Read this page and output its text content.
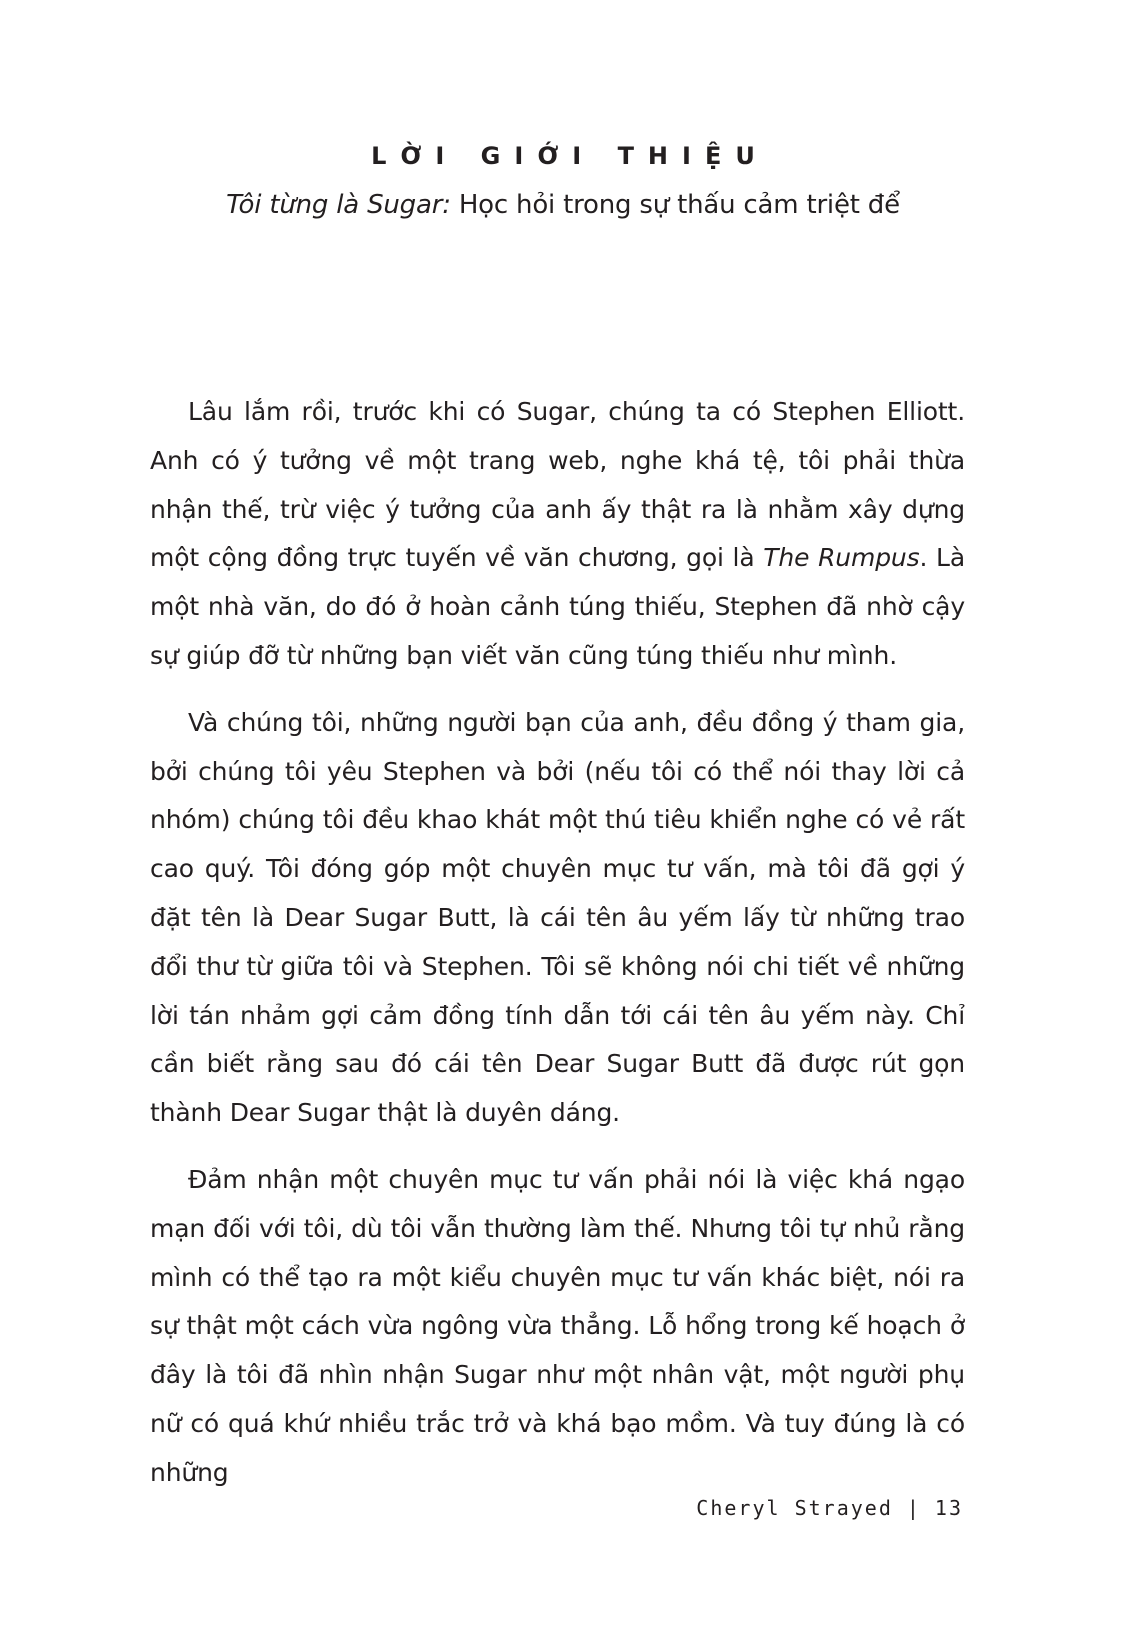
LỜI GIỚI THIỆU
Tôi từng là Sugar: Học hỏi trong sự thấu cảm triệt để

Lâu lắm rồi, trước khi có Sugar, chúng ta có Stephen Elliott. Anh có ý tưởng về một trang web, nghe khá tệ, tôi phải thừa nhận thế, trừ việc ý tưởng của anh ấy thật ra là nhằm xây dựng một cộng đồng trực tuyến về văn chương, gọi là The Rumpus. Là một nhà văn, do đó ở hoàn cảnh túng thiếu, Stephen đã nhờ cậy sự giúp đỡ từ những bạn viết văn cũng túng thiếu như mình.

Và chúng tôi, những người bạn của anh, đều đồng ý tham gia, bởi chúng tôi yêu Stephen và bởi (nếu tôi có thể nói thay lời cả nhóm) chúng tôi đều khao khát một thú tiêu khiển nghe có vẻ rất cao quý. Tôi đóng góp một chuyên mục tư vấn, mà tôi đã gợi ý đặt tên là Dear Sugar Butt, là cái tên âu yếm lấy từ những trao đổi thư từ giữa tôi và Stephen. Tôi sẽ không nói chi tiết về những lời tán nhảm gợi cảm đồng tính dẫn tới cái tên âu yếm này. Chỉ cần biết rằng sau đó cái tên Dear Sugar Butt đã được rút gọn thành Dear Sugar thật là duyên dáng.

Đảm nhận một chuyên mục tư vấn phải nói là việc khá ngạo mạn đối với tôi, dù tôi vẫn thường làm thế. Nhưng tôi tự nhủ rằng mình có thể tạo ra một kiểu chuyên mục tư vấn khác biệt, nói ra sự thật một cách vừa ngông vừa thẳng. Lỗ hổng trong kế hoạch ở đây là tôi đã nhìn nhận Sugar như một nhân vật, một người phụ nữ có quá khứ nhiều trắc trở và khá bạo mồm. Và tuy đúng là có những

Cheryl Strayed | 13
